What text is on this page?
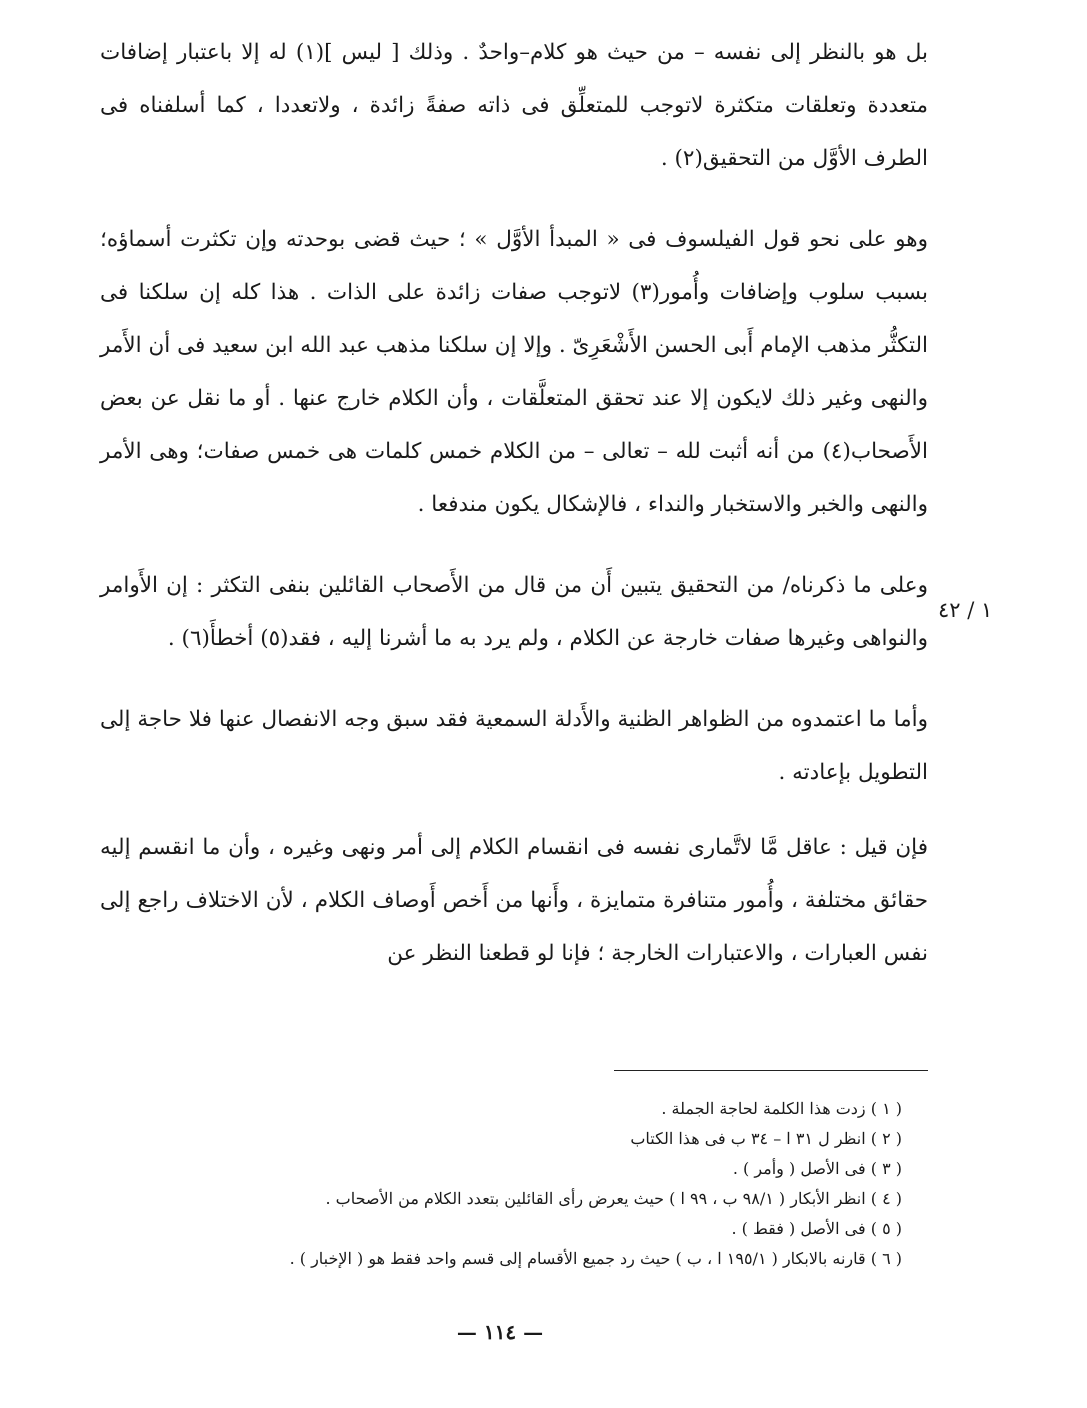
بل هو بالنظر إلى نفسه – من حيث هو كلام–واحدٌ . وذلك [ ليس ](١) له إلا باعتبار إضافات متعددة وتعلقات متكثرة لاتوجب للمتعلِّق فى ذاته صفةً زائدة ، ولاتعددا ، كما أسلفناه فى الطرف الأوَّل من التحقيق(٢) .

وهو على نحو قول الفيلسوف فى « المبدأ الأوَّل » ؛ حيث قضى بوحدته وإن تكثرت أسماؤه؛ بسبب سلوب وإضافات وأُمور(٣) لاتوجب صفات زائدة على الذات . هذا كله إن سلكنا فى التكثُّر مذهب الإمام أَبى الحسن الأَشْعَرِىّ . وإلا إن سلكنا مذهب عبد الله ابن سعيد فى أن الأَمر والنهى وغير ذلك لايكون إلا عند تحقق المتعلَّقات ، وأن الكلام خارج عنها . أو ما نقل عن بعض الأَصحاب(٤) من أنه أثبت لله – تعالى – من الكلام خمس كلمات هى خمس صفات؛ وهى الأمر والنهى والخبر والاستخبار والنداء ، فالإشكال يكون مندفعا .

وعلى ما ذكرناه/ من التحقيق يتبين أَن من قال من الأَصحاب القائلين بنفى التكثر : إن الأَوامر والنواهى وغيرها صفات خارجة عن الكلام ، ولم يرد به ما أشرنا إليه ، فقد(٥) أخطأَ(٦) .

وأما ما اعتمدوه من الظواهر الظنية والأَدلة السمعية فقد سبق وجه الانفصال عنها فلا حاجة إلى التطويل بإعادته .

فإن قيل : عاقل مَّا لاتَّمارى نفسه فى انقسام الكلام إلى أمر ونهى وغيره ، وأن ما انقسم إليه حقائق مختلفة ، وأُمور متنافرة متمايزة ، وأَنها من أَخص أَوصاف الكلام ، لأن الاختلاف راجع إلى نفس العبارات ، والاعتبارات الخارجة ؛ فإنا لو قطعنا النظر عن

١ / ٤٢
( ١ ) زدت هذا الكلمة لحاجة الجملة .
( ٢ ) انظر ل ٣١ ا – ٣٤ ب فى هذا الكتاب
( ٣ ) فى الأصل ( وأمر ) .
( ٤ ) انظر الأبكار ( ٩٨/١ ب ، ٩٩ ا ) حيث يعرض رأى القائلين بتعدد الكلام من الأصحاب .
( ٥ ) فى الأصل ( فقط ) .
( ٦ ) قارنه بالابكار ( ١٩٥/١ ا ، ب ) حيث رد جميع الأقسام إلى قسم واحد فقط هو ( الإخبار ) .
— ١١٤ —
